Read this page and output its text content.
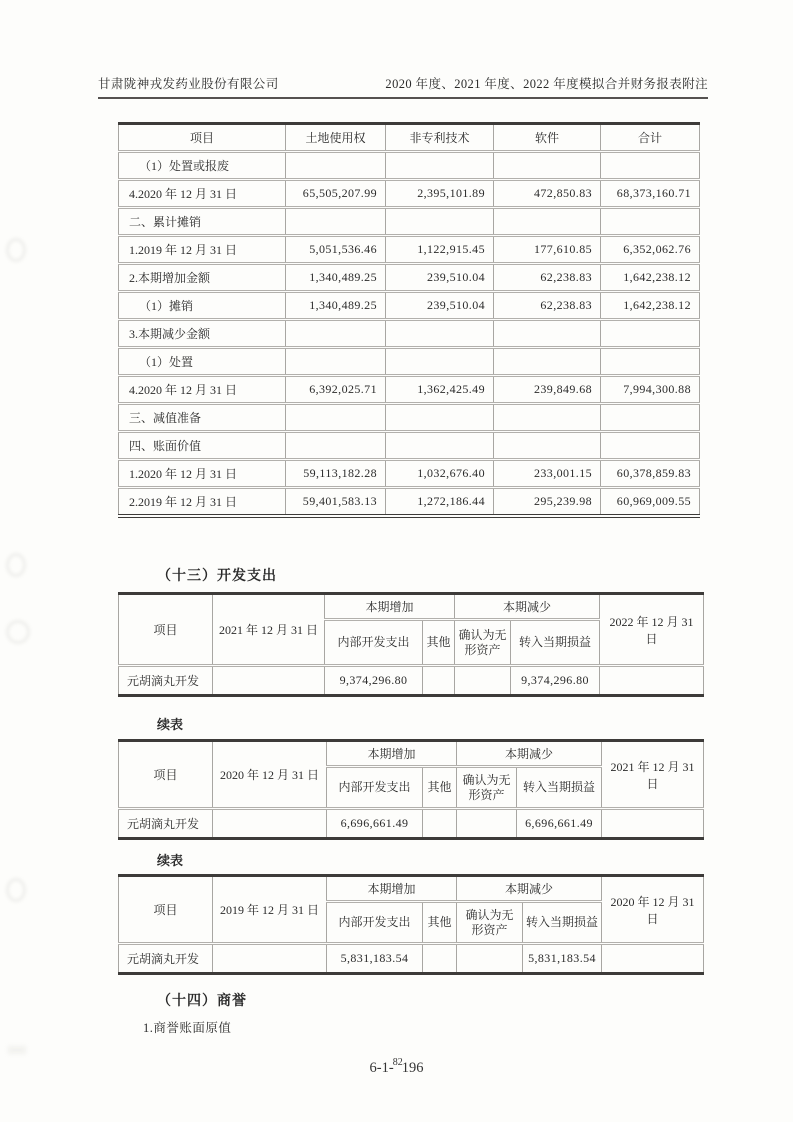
甘肃陇神戎发药业股份有限公司	2020 年度、2021 年度、2022 年度模拟合并财务报表附注
项目	土地使用权	非专利技术	软件	合计
（1）处置或报废				
4.2020 年 12 月 31 日	65,505,207.99	2,395,101.89	472,850.83	68,373,160.71
二、累计摊销				
1.2019 年 12 月 31 日	5,051,536.46	1,122,915.45	177,610.85	6,352,062.76
2.本期增加金额	1,340,489.25	239,510.04	62,238.83	1,642,238.12
（1）摊销	1,340,489.25	239,510.04	62,238.83	1,642,238.12
3.本期减少金额				
（1）处置				
4.2020 年 12 月 31 日	6,392,025.71	1,362,425.49	239,849.68	7,994,300.88
三、减值准备				
四、账面价值				
1.2020 年 12 月 31 日	59,113,182.28	1,032,676.40	233,001.15	60,378,859.83
2.2019 年 12 月 31 日	59,401,583.13	1,272,186.44	295,239.98	60,969,009.55
（十三）开发支出
项目	2021 年 12 月 31 日	本期增加		本期减少		2022 年 12 月 31 日
		内部开发支出	其他	确认为无形资产	转入当期损益	
元胡滴丸开发		9,374,296.80			9,374,296.80	
续表
项目	2020 年 12 月 31 日	本期增加		本期减少		2021 年 12 月 31 日
		内部开发支出	其他	确认为无形资产	转入当期损益	
元胡滴丸开发		6,696,661.49			6,696,661.49	
续表
项目	2019 年 12 月 31 日	本期增加		本期减少		2020 年 12 月 31 日
		内部开发支出	其他	确认为无形资产	转入当期损益	
元胡滴丸开发		5,831,183.54			5,831,183.54	
（十四）商誉
1.商誉账面原值
6-1-$^{82}$196
